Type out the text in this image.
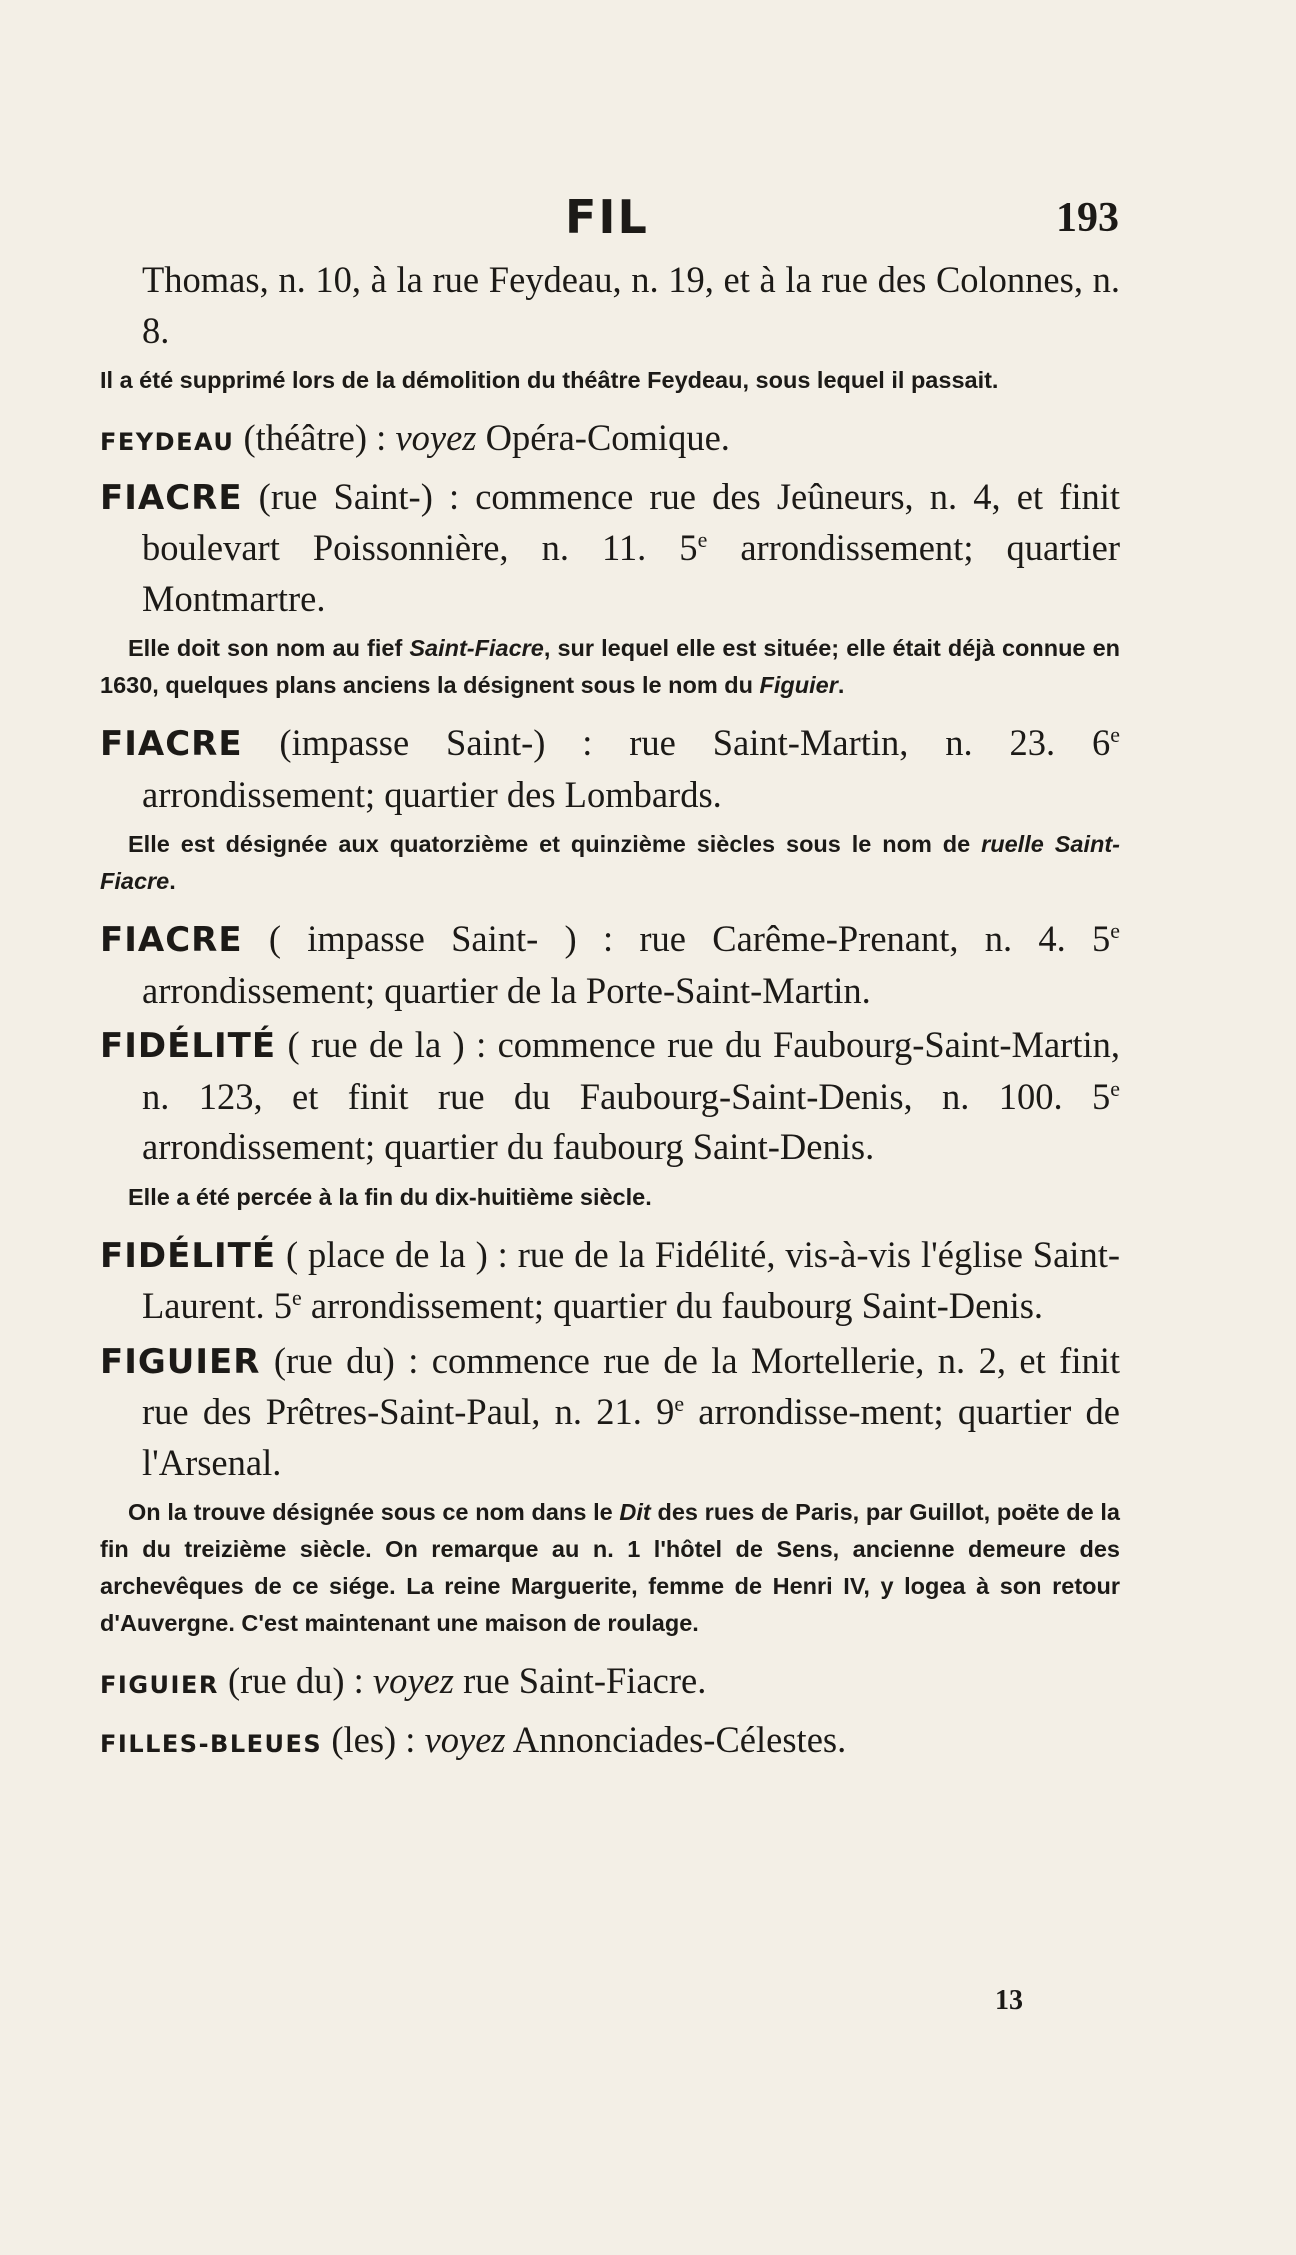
FIL	193
Thomas, n. 10, à la rue Feydeau, n. 19, et à la rue des Colonnes, n. 8.
Il a été supprimé lors de la démolition du théâtre Feydeau, sous lequel il passait.
FEYDEAU (théâtre) : voyez Opéra-Comique.
FIACRE (rue Saint-) : commence rue des Jeûneurs, n. 4, et finit boulevart Poissonnière, n. 11. 5e arrondissement; quartier Montmartre.
Elle doit son nom au fief Saint-Fiacre, sur lequel elle est située; elle était déjà connue en 1630, quelques plans anciens la désignent sous le nom du Figuier.
FIACRE (impasse Saint-) : rue Saint-Martin, n. 23. 6e arrondissement; quartier des Lombards.
Elle est désignée aux quatorzième et quinzième siècles sous le nom de ruelle Saint-Fiacre.
FIACRE ( impasse Saint- ) : rue Carême-Prenant, n. 4. 5e arrondissement; quartier de la Porte-Saint-Martin.
FIDÉLITÉ ( rue de la ) : commence rue du Faubourg-Saint-Martin, n. 123, et finit rue du Faubourg-Saint-Denis, n. 100. 5e arrondissement; quartier du faubourg Saint-Denis.
Elle a été percée à la fin du dix-huitième siècle.
FIDÉLITÉ ( place de la ) : rue de la Fidélité, vis-à-vis l'église Saint-Laurent. 5e arrondissement; quartier du faubourg Saint-Denis.
FIGUIER (rue du) : commence rue de la Mortellerie, n. 2, et finit rue des Prêtres-Saint-Paul, n. 21. 9e arrondisse-ment; quartier de l'Arsenal.
On la trouve désignée sous ce nom dans le Dit des rues de Paris, par Guillot, poëte de la fin du treizième siècle. On remarque au n. 1 l'hôtel de Sens, ancienne demeure des archevêques de ce siége. La reine Marguerite, femme de Henri IV, y logea à son retour d'Auvergne. C'est maintenant une maison de roulage.
FIGUIER (rue du) : voyez rue Saint-Fiacre.
FILLES-BLEUES (les) : voyez Annonciades-Célestes.
13
